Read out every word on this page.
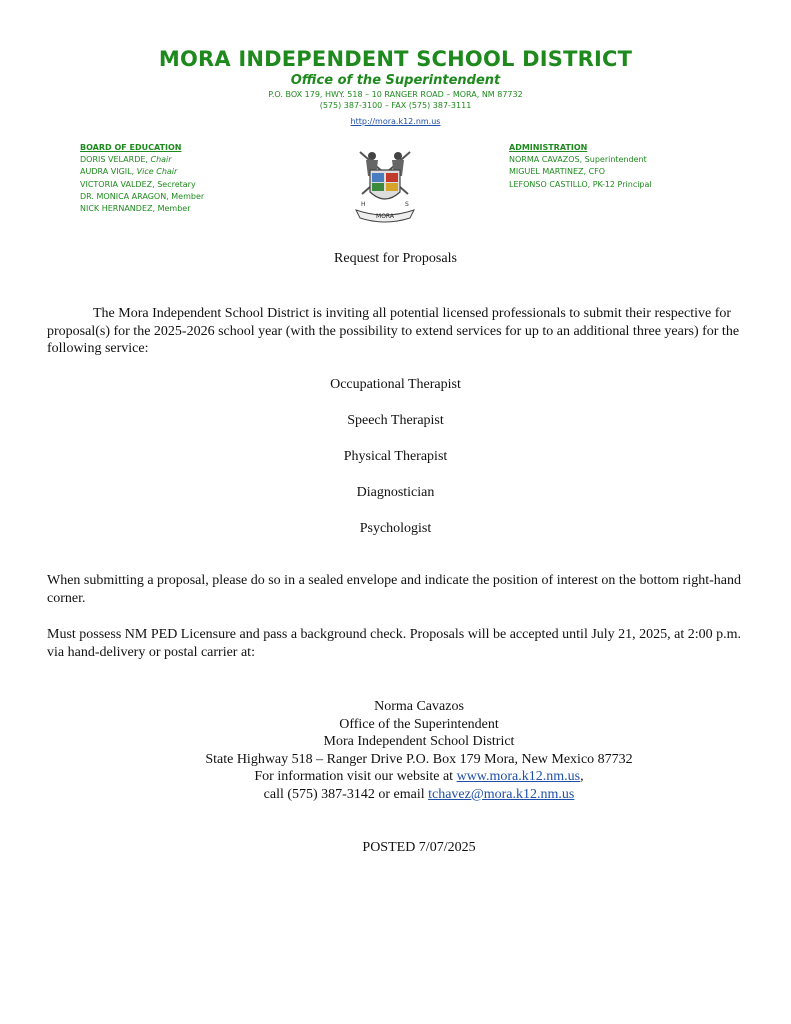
MORA INDEPENDENT SCHOOL DISTRICT
Office of the Superintendent
P.O. BOX 179, HWY. 518 – 10 RANGER ROAD – MORA, NM 87732
(575) 387-3100 – FAX (575) 387-3111
http://mora.k12.nm.us
BOARD OF EDUCATION
DORIS VELARDE, Chair
AUDRA VIGIL, Vice Chair
VICTORIA VALDEZ, Secretary
DR. MONICA ARAGON, Member
NICK HERNANDEZ, Member	H	S
MORA
ADMINISTRATION
NORMA CAVAZOS, Superintendent
MIGUEL MARTINEZ, CFO
LEFONSO CASTILLO, PK-12 Principal
Request for Proposals
The Mora Independent School District is inviting all potential licensed professionals to submit their respective for proposal(s) for the 2025-2026 school year (with the possibility to extend services for up to an additional three years) for the following service:
Occupational Therapist
Speech Therapist
Physical Therapist
Diagnostician
Psychologist
When submitting a proposal, please do so in a sealed envelope and indicate the position of interest on the bottom right-hand corner.
Must possess NM PED Licensure and pass a background check. Proposals will be accepted until July 21, 2025, at 2:00 p.m. via hand-delivery or postal carrier at:
Norma Cavazos
Office of the Superintendent
Mora Independent School District
State Highway 518 – Ranger Drive P.O. Box 179 Mora, New Mexico 87732
For information visit our website at www.mora.k12.nm.us,
call (575) 387-3142 or email tchavez@mora.k12.nm.us
POSTED 7/07/2025
